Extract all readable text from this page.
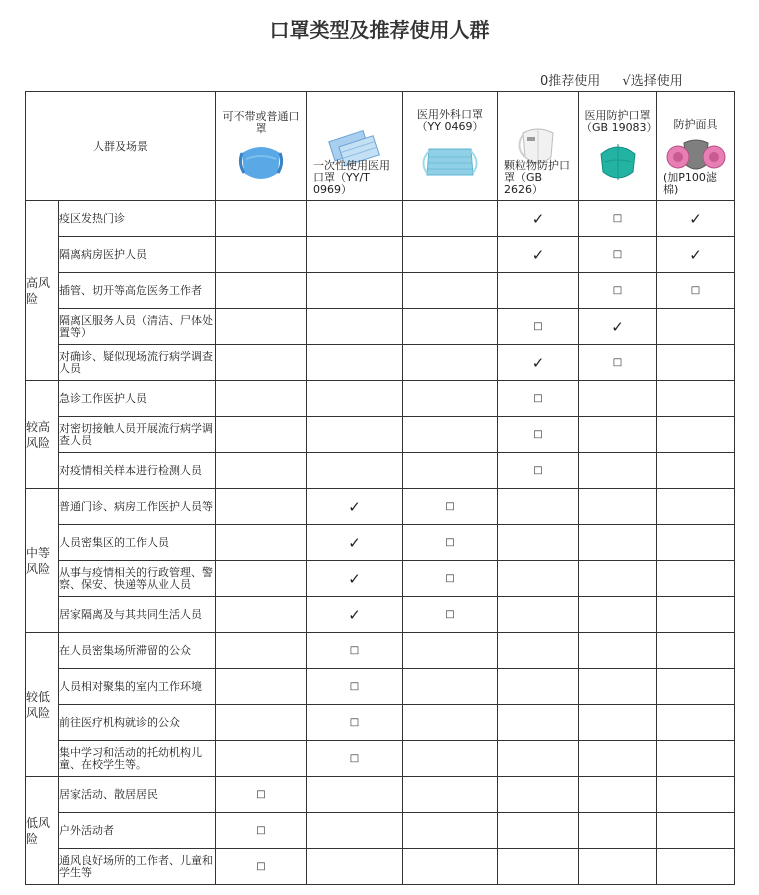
口罩类型及推荐使用人群
0推荐使用 √选择使用
人群及场景		可不带或普通口罩	一次性使用医用口罩（YY/T 0969）	医用外科口罩（YY 0469）	颗粒物防护口罩（GB 2626）	医用防护口罩（GB 19083）	防护面具
(加P100滤棉)

高风险	疫区发热门诊				✓	□	✓
	隔离病房医护人员				✓	□	✓
	插管、切开等高危医务工作者					□	□
	隔离区服务人员（清洁、尸体处置等）				□	✓	
	对确诊、疑似现场流行病学调查人员				✓	□	
较高风险	急诊工作医护人员				□		
	对密切接触人员开展流行病学调查人员				□		
	对疫情相关样本进行检测人员				□		
中等风险	普通门诊、病房工作医护人员等		✓	□			
	人员密集区的工作人员		✓	□			
	从事与疫情相关的行政管理、警察、保安、快递等从业人员		✓	□			
	居家隔离及与其共同生活人员		✓	□			
较低风险	在人员密集场所滞留的公众		□				
	人员相对聚集的室内工作环境		□				
	前往医疗机构就诊的公众		□				
	集中学习和活动的托幼机构儿童、在校学生等。		□				
低风险	居家活动、散居居民	□					
	户外活动者	□					
	通风良好场所的工作者、儿童和学生等	□					
